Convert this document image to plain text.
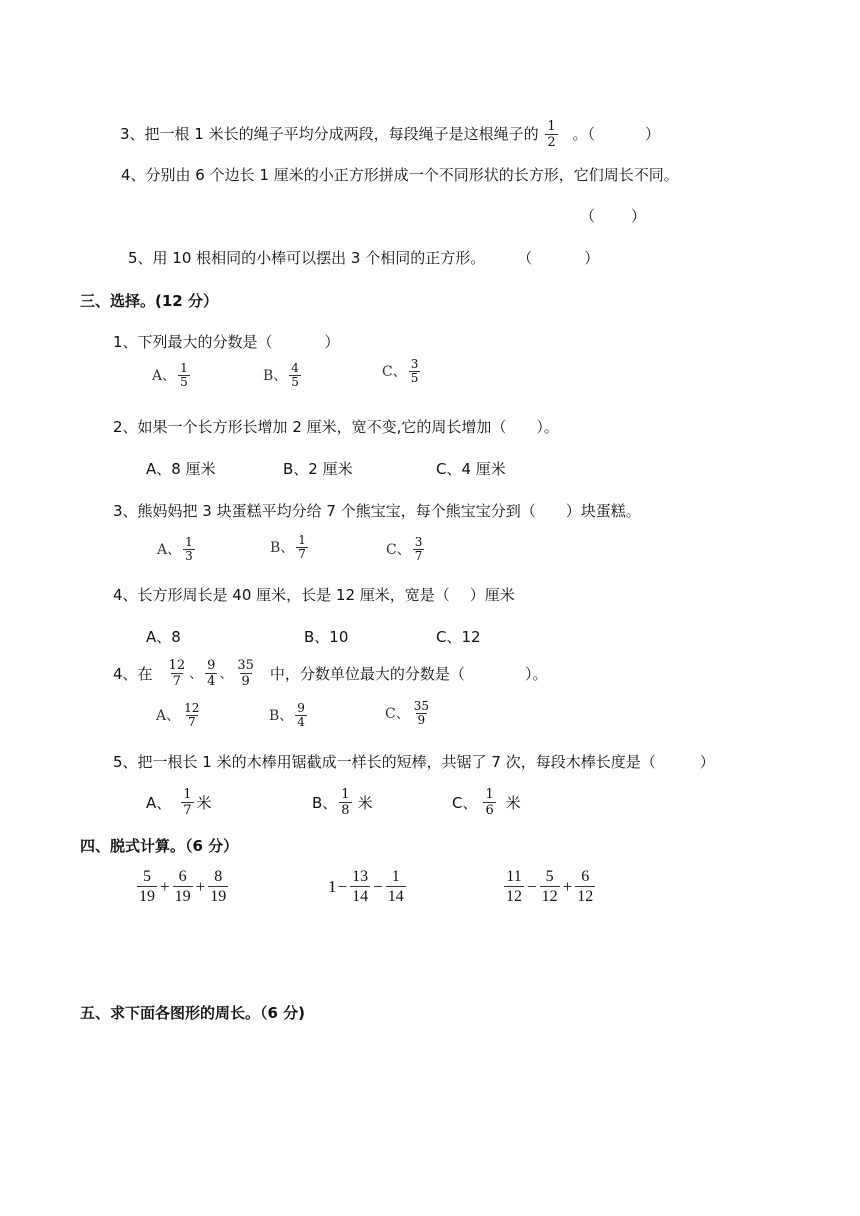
3、把一根 1 米长的绳子平均分成两段，每段绳子是这根绳子的 $\frac{1}{2}$ 。（	）
4、分别由 6 个边长 1 厘米的小正方形拼成一个不同形状的长方形，它们周长不同。
（ ）
5、用 10 根相同的小棒可以摆出 3 个相同的正方形。 （	）
三、选择。(12 分）
1、下列最大的分数是（	）
A、 $\frac{1}{5}$	B、 $\frac{4}{5}$	C、 $\frac{3}{5}$
2、如果一个长方形长增加 2 厘米，宽不变,它的周长增加（ ）。
A、8 厘米	B、2 厘米	C、4 厘米
3、熊妈妈把 3 块蛋糕平均分给 7 个熊宝宝，每个熊宝宝分到（ ）块蛋糕。
A、 $\frac{1}{3}$	B、 $\frac{1}{7}$	C、 $\frac{3}{7}$
4、长方形周长是 40 厘米，长是 12 厘米，宽是（ ）厘米
A、8	B、10	C、12
4、在 12
7 、
9
4 、
35
9 中，分数单位最大的分数是（	）。
A、 $\frac{12}{7}$	B、 $\frac{9}{4}$	C、 $\frac{35}{9}$
5、把一根长 1 米的木棒用锯截成一样长的短棒，共锯了 7 次，每段木棒长度是（	）
A、 1
7 米	B、 1
8 米	C、 1
6 米
四、脱式计算。（6 分）
5
19
+ $\frac{6}{19} + \frac{8}{19}$	$1 - \frac{13}{14} - \frac{1}{14}$	11
12
− $\frac{5}{12} + \frac{6}{12}$
五、求下面各图形的周长。（6 分)
